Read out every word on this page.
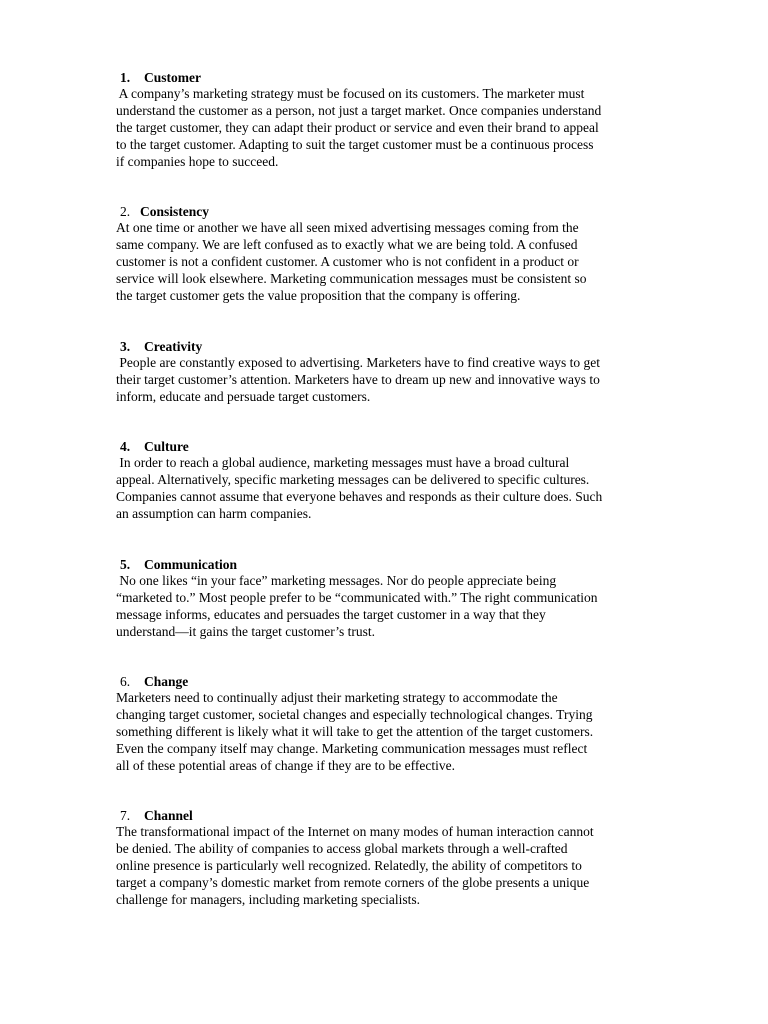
1. Customer
A company’s marketing strategy must be focused on its customers. The marketer must
understand the customer as a person, not just a target market. Once companies understand
the target customer, they can adapt their product or service and even their brand to appeal
to the target customer. Adapting to suit the target customer must be a continuous process
if companies hope to succeed.
2. Consistency
At one time or another we have all seen mixed advertising messages coming from the
same company. We are left confused as to exactly what we are being told. A confused
customer is not a confident customer. A customer who is not confident in a product or
service will look elsewhere. Marketing communication messages must be consistent so
the target customer gets the value proposition that the company is offering.
3. Creativity
People are constantly exposed to advertising. Marketers have to find creative ways to get
their target customer’s attention. Marketers have to dream up new and innovative ways to
inform, educate and persuade target customers.
4. Culture
In order to reach a global audience, marketing messages must have a broad cultural
appeal. Alternatively, specific marketing messages can be delivered to specific cultures.
Companies cannot assume that everyone behaves and responds as their culture does. Such
an assumption can harm companies.
5. Communication
No one likes “in your face” marketing messages. Nor do people appreciate being
“marketed to.” Most people prefer to be “communicated with.” The right communication
message informs, educates and persuades the target customer in a way that they
understand—it gains the target customer’s trust.
6. Change
Marketers need to continually adjust their marketing strategy to accommodate the
changing target customer, societal changes and especially technological changes. Trying
something different is likely what it will take to get the attention of the target customers.
Even the company itself may change. Marketing communication messages must reflect
all of these potential areas of change if they are to be effective.
7. Channel
The transformational impact of the Internet on many modes of human interaction cannot
be denied. The ability of companies to access global markets through a well-crafted
online presence is particularly well recognized. Relatedly, the ability of competitors to
target a company’s domestic market from remote corners of the globe presents a unique
challenge for managers, including marketing specialists.
